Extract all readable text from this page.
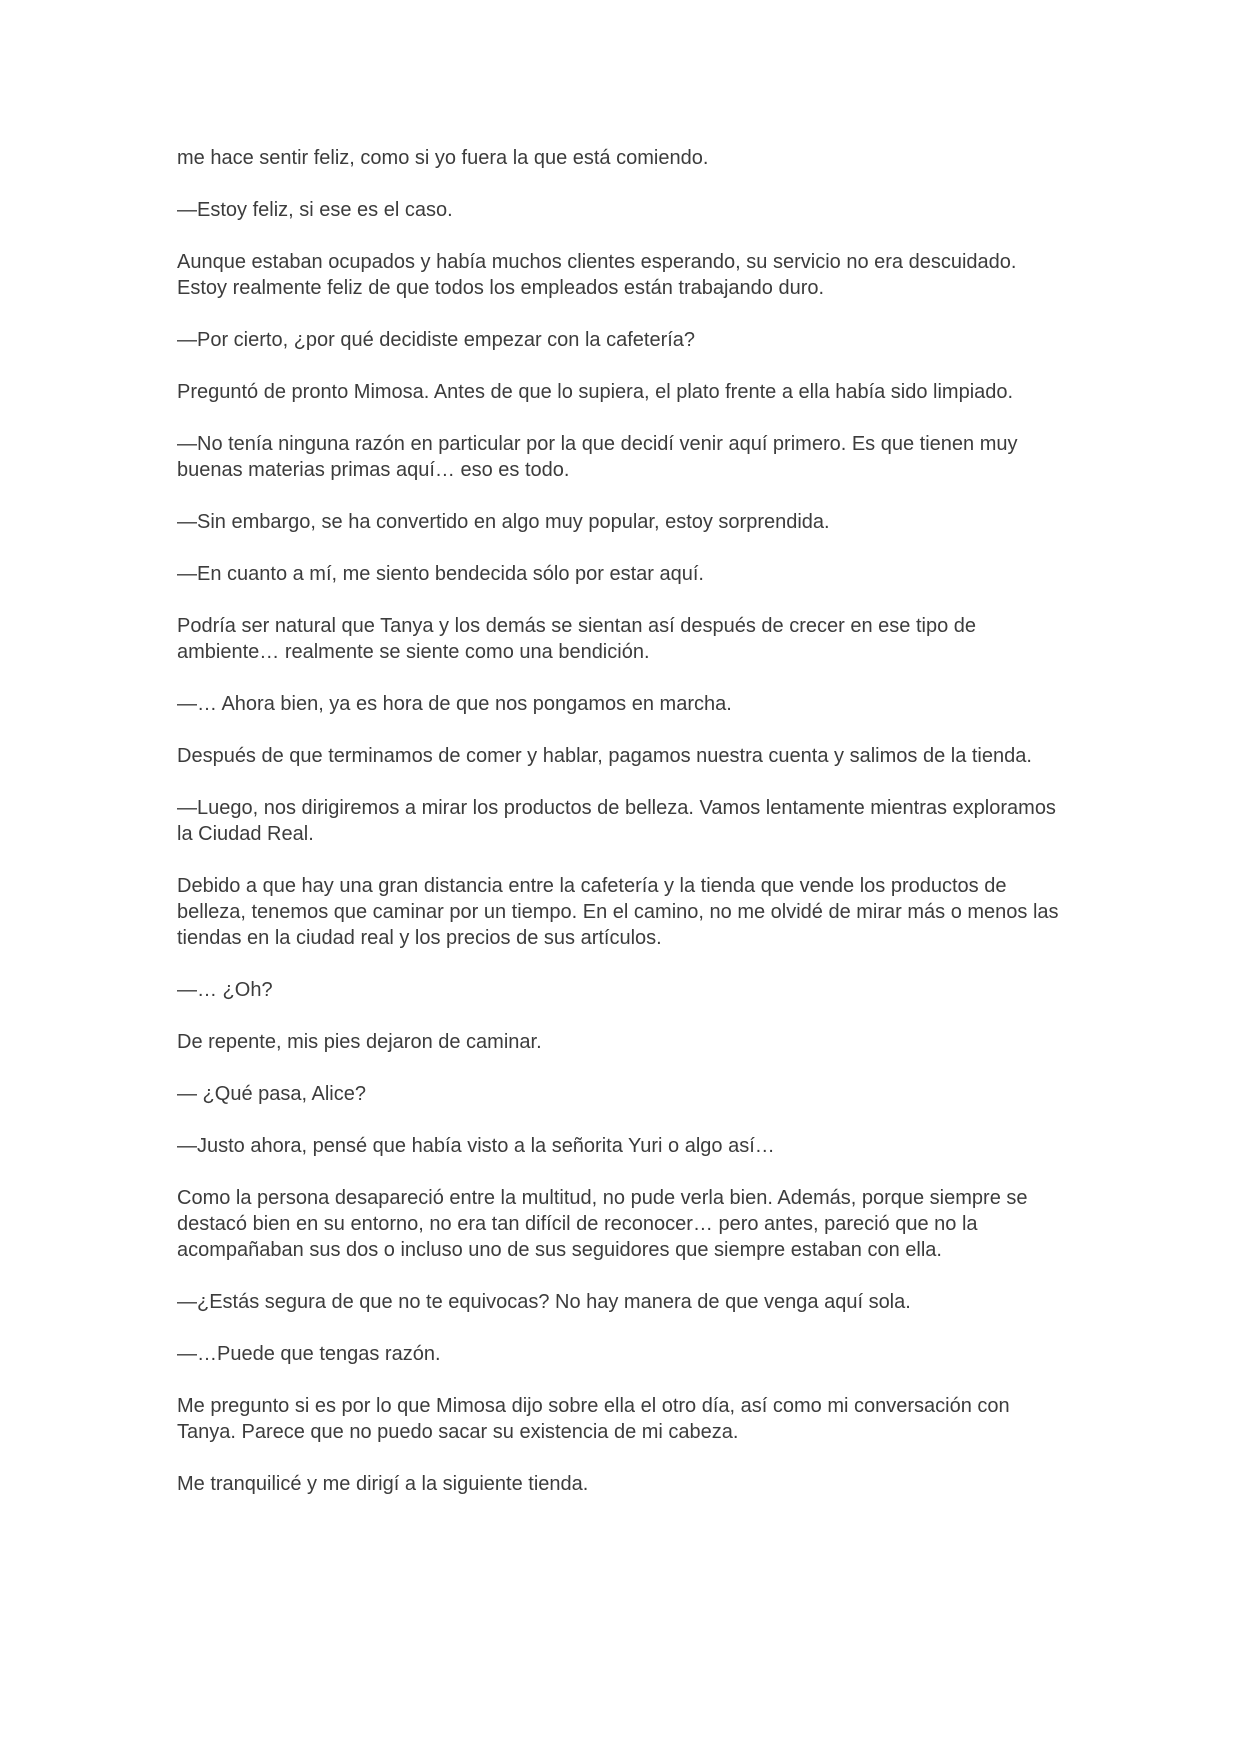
me hace sentir feliz, como si yo fuera la que está comiendo.

—Estoy feliz, si ese es el caso.

Aunque estaban ocupados y había muchos clientes esperando, su servicio no era descuidado. Estoy realmente feliz de que todos los empleados están trabajando duro.

—Por cierto, ¿por qué decidiste empezar con la cafetería?

Preguntó de pronto Mimosa. Antes de que lo supiera, el plato frente a ella había sido limpiado.

—No tenía ninguna razón en particular por la que decidí venir aquí primero. Es que tienen muy buenas materias primas aquí… eso es todo.

—Sin embargo, se ha convertido en algo muy popular, estoy sorprendida.

—En cuanto a mí, me siento bendecida sólo por estar aquí.

Podría ser natural que Tanya y los demás se sientan así después de crecer en ese tipo de ambiente… realmente se siente como una bendición.

—… Ahora bien, ya es hora de que nos pongamos en marcha.

Después de que terminamos de comer y hablar, pagamos nuestra cuenta y salimos de la tienda.

—Luego, nos dirigiremos a mirar los productos de belleza. Vamos lentamente mientras exploramos la Ciudad Real.

Debido a que hay una gran distancia entre la cafetería y la tienda que vende los productos de belleza, tenemos que caminar por un tiempo. En el camino, no me olvidé de mirar más o menos las tiendas en la ciudad real y los precios de sus artículos.

—… ¿Oh?

De repente, mis pies dejaron de caminar.

— ¿Qué pasa, Alice?

—Justo ahora, pensé que había visto a la señorita Yuri o algo así…

Como la persona desapareció entre la multitud, no pude verla bien. Además, porque siempre se destacó bien en su entorno, no era tan difícil de reconocer… pero antes, pareció que no la acompañaban sus dos o incluso uno de sus seguidores que siempre estaban con ella.

—¿Estás segura de que no te equivocas? No hay manera de que venga aquí sola.

—…Puede que tengas razón.

Me pregunto si es por lo que Mimosa dijo sobre ella el otro día, así como mi conversación con Tanya. Parece que no puedo sacar su existencia de mi cabeza.

Me tranquilicé y me dirigí a la siguiente tienda.
